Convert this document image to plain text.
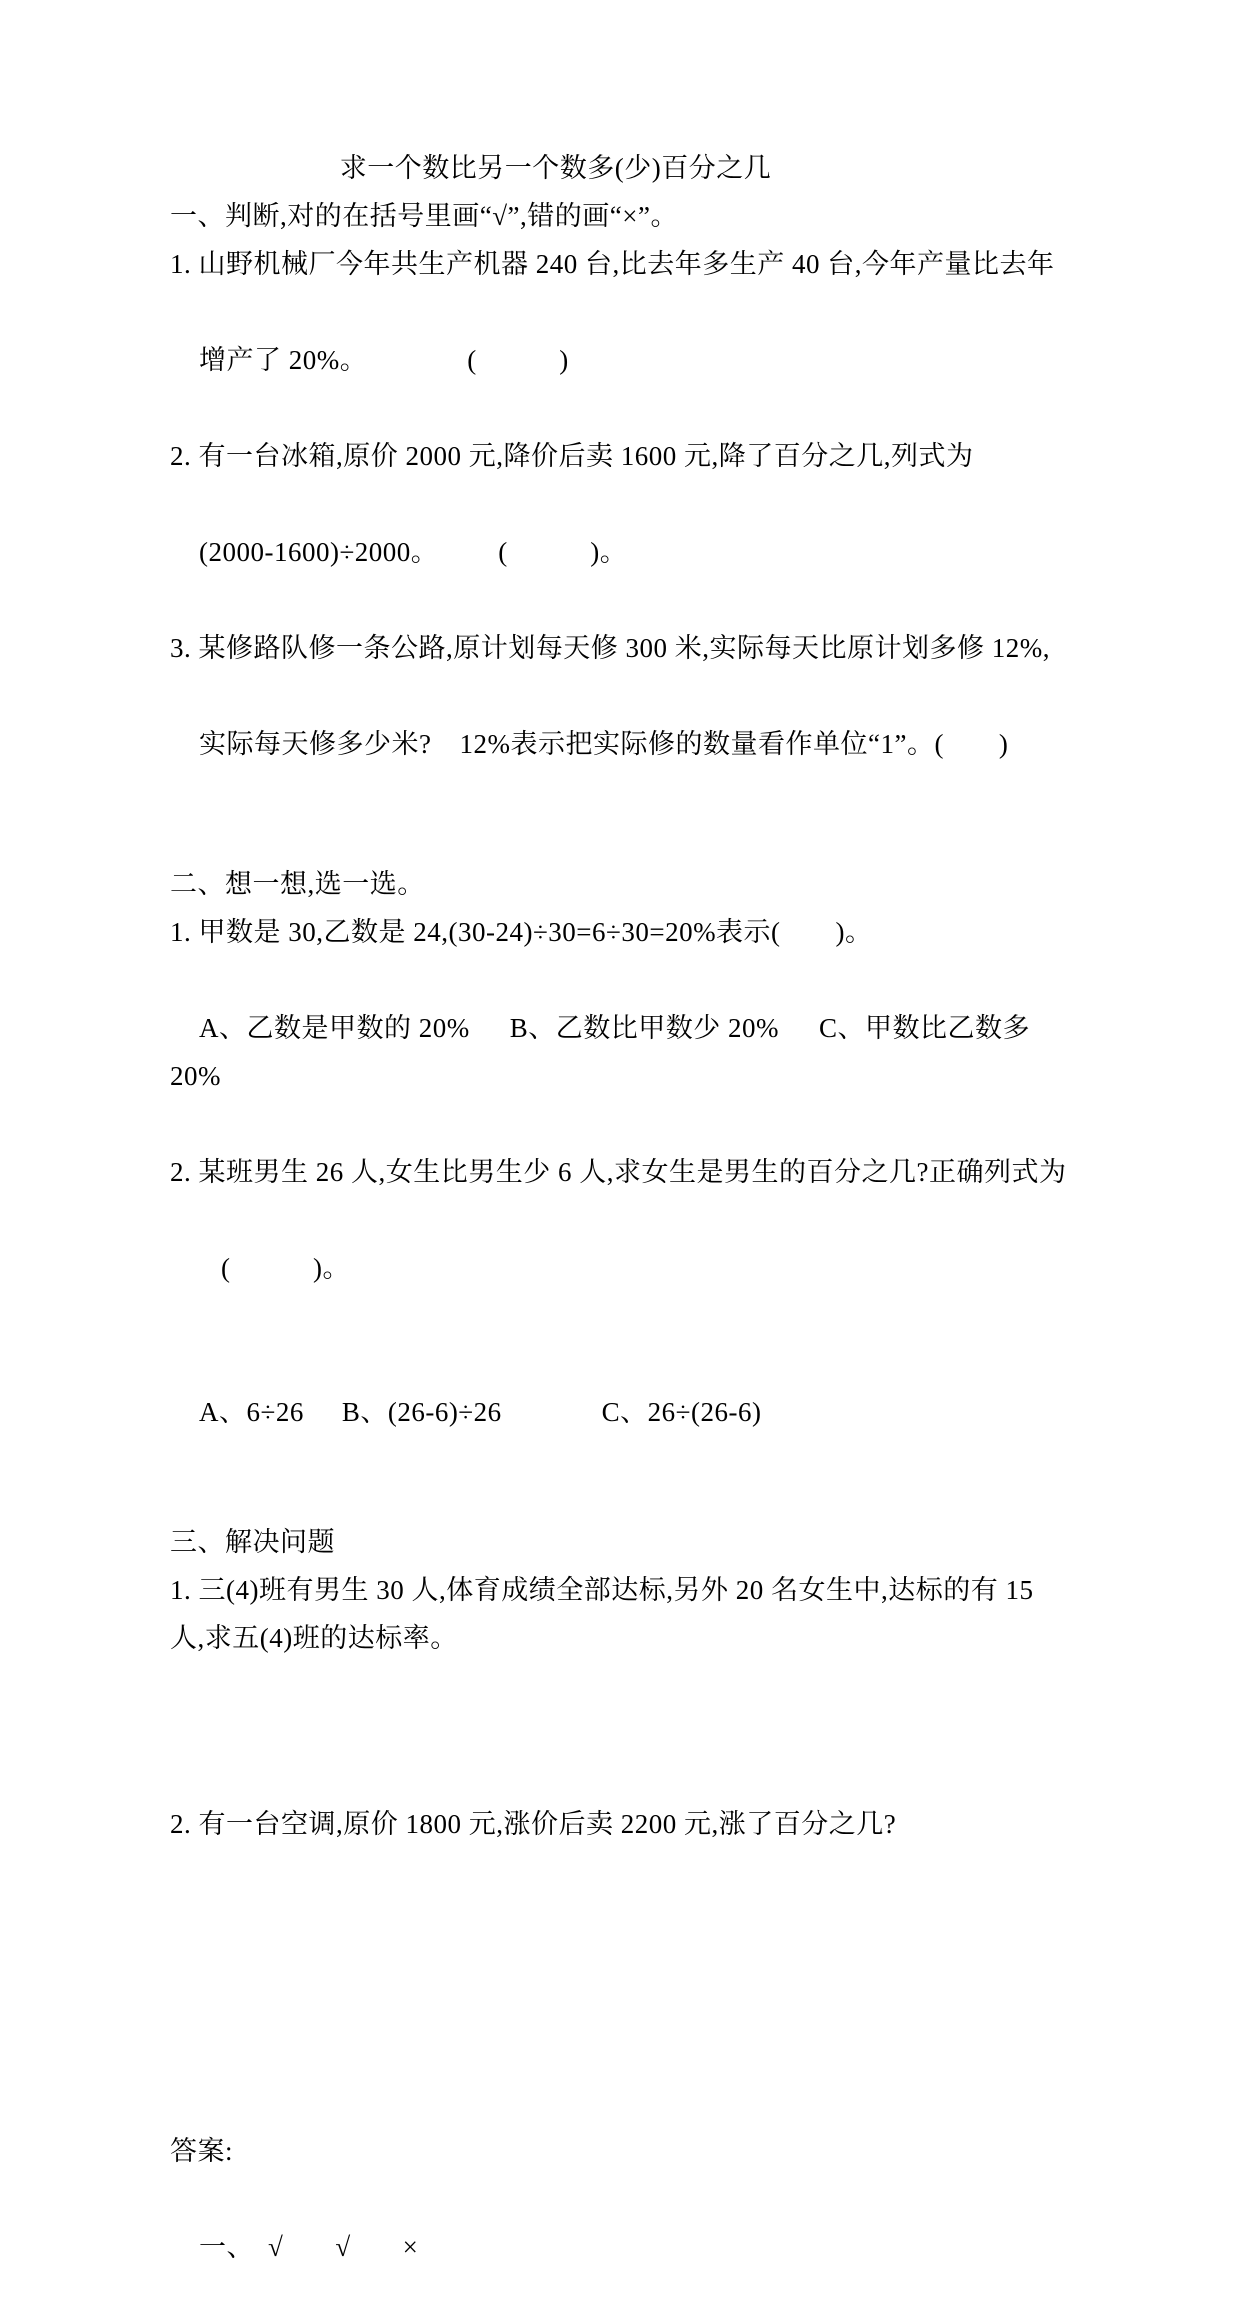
求一个数比另一个数多(少)百分之几
一、判断,对的在括号里画“√”,错的画“×”。
1. 山野机械厂今年共生产机器 240 台,比去年多生产 40 台,今年产量比去年

增产了 20%。	(　　　)

2. 有一台冰箱,原价 2000 元,降价后卖 1600 元,降了百分之几,列式为

(2000-1600)÷2000。 (　　　)。

3. 某修路队修一条公路,原计划每天修 300 米,实际每天比原计划多修 12%,

实际每天修多少米? 12%表示把实际修的数量看作单位“1”。(　　)

二、想一想,选一选。
1. 甲数是 30,乙数是 24,(30-24)÷30=6÷30=20%表示(　　)。

A、乙数是甲数的 20% B、乙数比甲数少 20% C、甲数比乙数多 20%

2. 某班男生 26 人,女生比男生少 6 人,求女生是男生的百分之几?正确列式为

(　　　)。

A、6÷26 B、(26-6)÷26	C、26÷(26-6)

三、解决问题
1. 三(4)班有男生 30 人,体育成绩全部达标,另外 20 名女生中,达标的有 15
人,求五(4)班的达标率。
2. 有一台空调,原价 1800 元,涨价后卖 2200 元,涨了百分之几?
答案:

一、 √ √ ×
